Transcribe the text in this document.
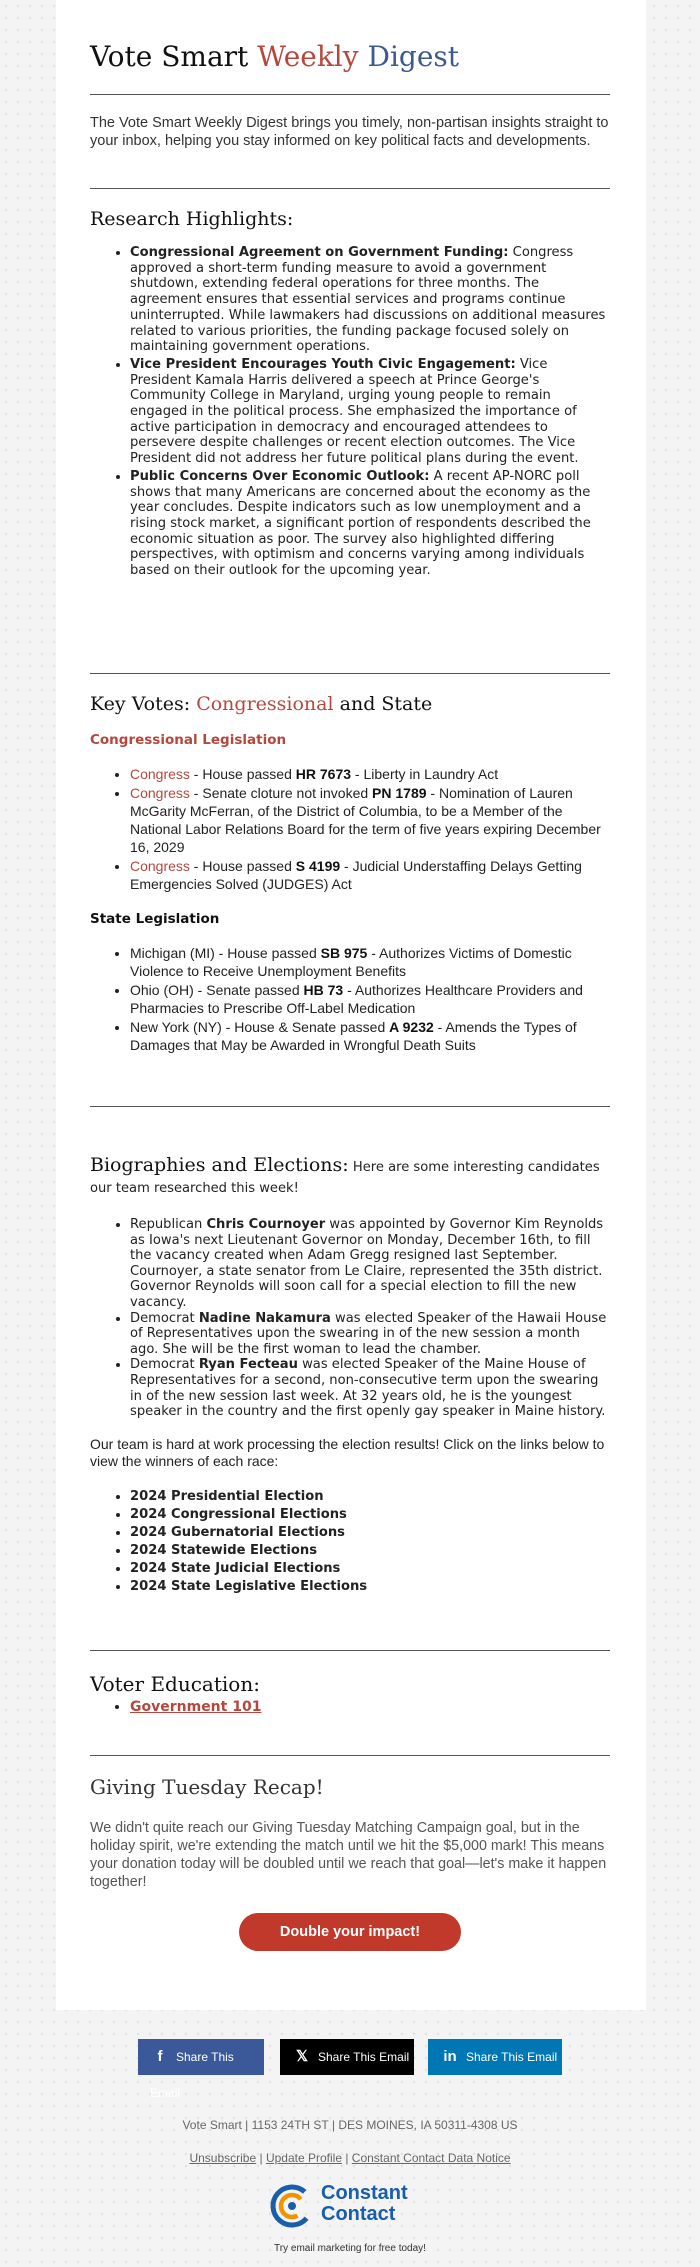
Vote Smart Weekly Digest
The Vote Smart Weekly Digest brings you timely, non-partisan insights straight to your inbox, helping you stay informed on key political facts and developments.
Research Highlights:
• Congressional Agreement on Government Funding: Congress approved a short-term funding measure to avoid a government shutdown, extending federal operations for three months. The agreement ensures that essential services and programs continue uninterrupted. While lawmakers had discussions on additional measures related to various priorities, the funding package focused solely on maintaining government operations.
• Vice President Encourages Youth Civic Engagement: Vice President Kamala Harris delivered a speech at Prince George's Community College in Maryland, urging young people to remain engaged in the political process. She emphasized the importance of active participation in democracy and encouraged attendees to persevere despite challenges or recent election outcomes. The Vice President did not address her future political plans during the event.
• Public Concerns Over Economic Outlook: A recent AP-NORC poll shows that many Americans are concerned about the economy as the year concludes. Despite indicators such as low unemployment and a rising stock market, a significant portion of respondents described the economic situation as poor. The survey also highlighted differing perspectives, with optimism and concerns varying among individuals based on their outlook for the upcoming year.
Key Votes: Congressional and State
Congressional Legislation
• Congress - House passed HR 7673 - Liberty in Laundry Act
• Congress - Senate cloture not invoked PN 1789 - Nomination of Lauren McGarity McFerran, of the District of Columbia, to be a Member of the National Labor Relations Board for the term of five years expiring December 16, 2029
• Congress - House passed S 4199 - Judicial Understaffing Delays Getting Emergencies Solved (JUDGES) Act
State Legislation
• Michigan (MI) - House passed SB 975 - Authorizes Victims of Domestic Violence to Receive Unemployment Benefits
• Ohio (OH) - Senate passed HB 73 - Authorizes Healthcare Providers and Pharmacies to Prescribe Off-Label Medication
• New York (NY) - House & Senate passed A 9232 - Amends the Types of Damages that May be Awarded in Wrongful Death Suits
Biographies and Elections: Here are some interesting candidates our team researched this week!
• Republican Chris Cournoyer was appointed by Governor Kim Reynolds as Iowa's next Lieutenant Governor on Monday, December 16th, to fill the vacancy created when Adam Gregg resigned last September. Cournoyer, a state senator from Le Claire, represented the 35th district. Governor Reynolds will soon call for a special election to fill the new vacancy.
• Democrat Nadine Nakamura was elected Speaker of the Hawaii House of Representatives upon the swearing in of the new session a month ago. She will be the first woman to lead the chamber.
• Democrat Ryan Fecteau was elected Speaker of the Maine House of Representatives for a second, non-consecutive term upon the swearing in of the new session last week. At 32 years old, he is the youngest speaker in the country and the first openly gay speaker in Maine history.
Our team is hard at work processing the election results! Click on the links below to view the winners of each race:
• 2024 Presidential Election
• 2024 Congressional Elections
• 2024 Gubernatorial Elections
• 2024 Statewide Elections
• 2024 State Judicial Elections
• 2024 State Legislative Elections
Voter Education:
• Government 101
Giving Tuesday Recap!

We didn't quite reach our Giving Tuesday Matching Campaign goal, but in the holiday spirit, we're extending the match until we hit the $5,000 mark! This means your donation today will be doubled until we reach that goal—let's make it happen together!

Double your impact!
f Share This Email
𝕏 Share This Email	in Share This Email
Vote Smart | 1153 24TH ST | DES MOINES, IA 50311-4308 US
Unsubscribe | Update Profile | Constant Contact Data Notice
Constant
Contact
Try email marketing for free today!
